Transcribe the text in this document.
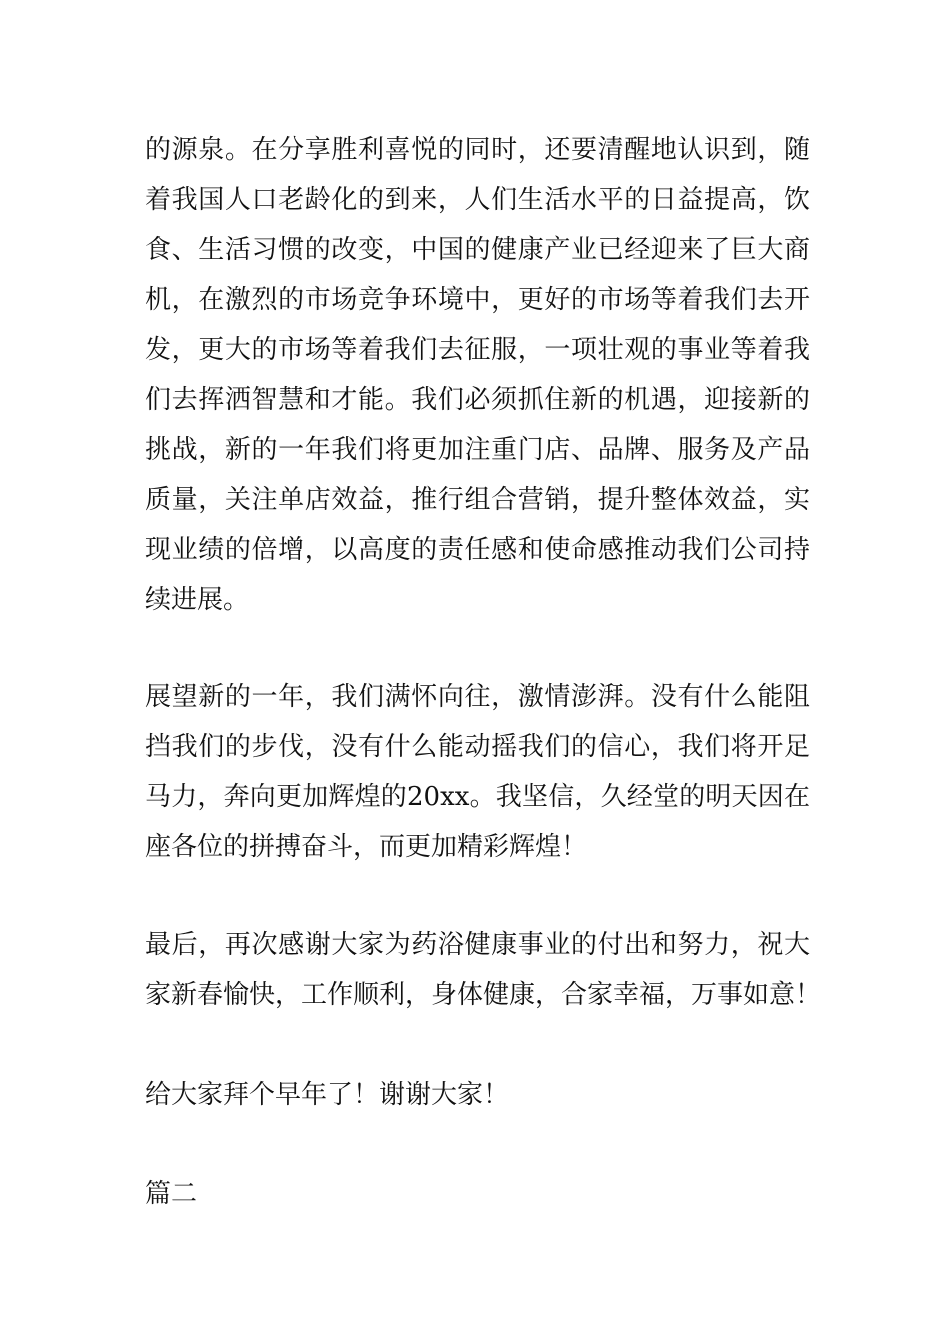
的源泉。在分享胜利喜悦的同时，还要清醒地认识到，随
着我国人口老龄化的到来，人们生活水平的日益提高，饮
食、生活习惯的改变，中国的健康产业已经迎来了巨大商
机，在激烈的市场竞争环境中，更好的市场等着我们去开
发，更大的市场等着我们去征服，一项壮观的事业等着我
们去挥洒智慧和才能。我们必须抓住新的机遇，迎接新的
挑战，新的一年我们将更加注重门店、品牌、服务及产品
质量，关注单店效益，推行组合营销，提升整体效益，实
现业绩的倍增，以高度的责任感和使命感推动我们公司持
续进展。
展望新的一年，我们满怀向往，激情澎湃。没有什么能阻
挡我们的步伐，没有什么能动摇我们的信心，我们将开足
马力，奔向更加辉煌的20xx。我坚信，久经堂的明天因在
座各位的拼搏奋斗，而更加精彩辉煌！
最后，再次感谢大家为药浴健康事业的付出和努力，祝大
家新春愉快，工作顺利，身体健康，合家幸福，万事如意！
给大家拜个早年了！谢谢大家！
篇二
